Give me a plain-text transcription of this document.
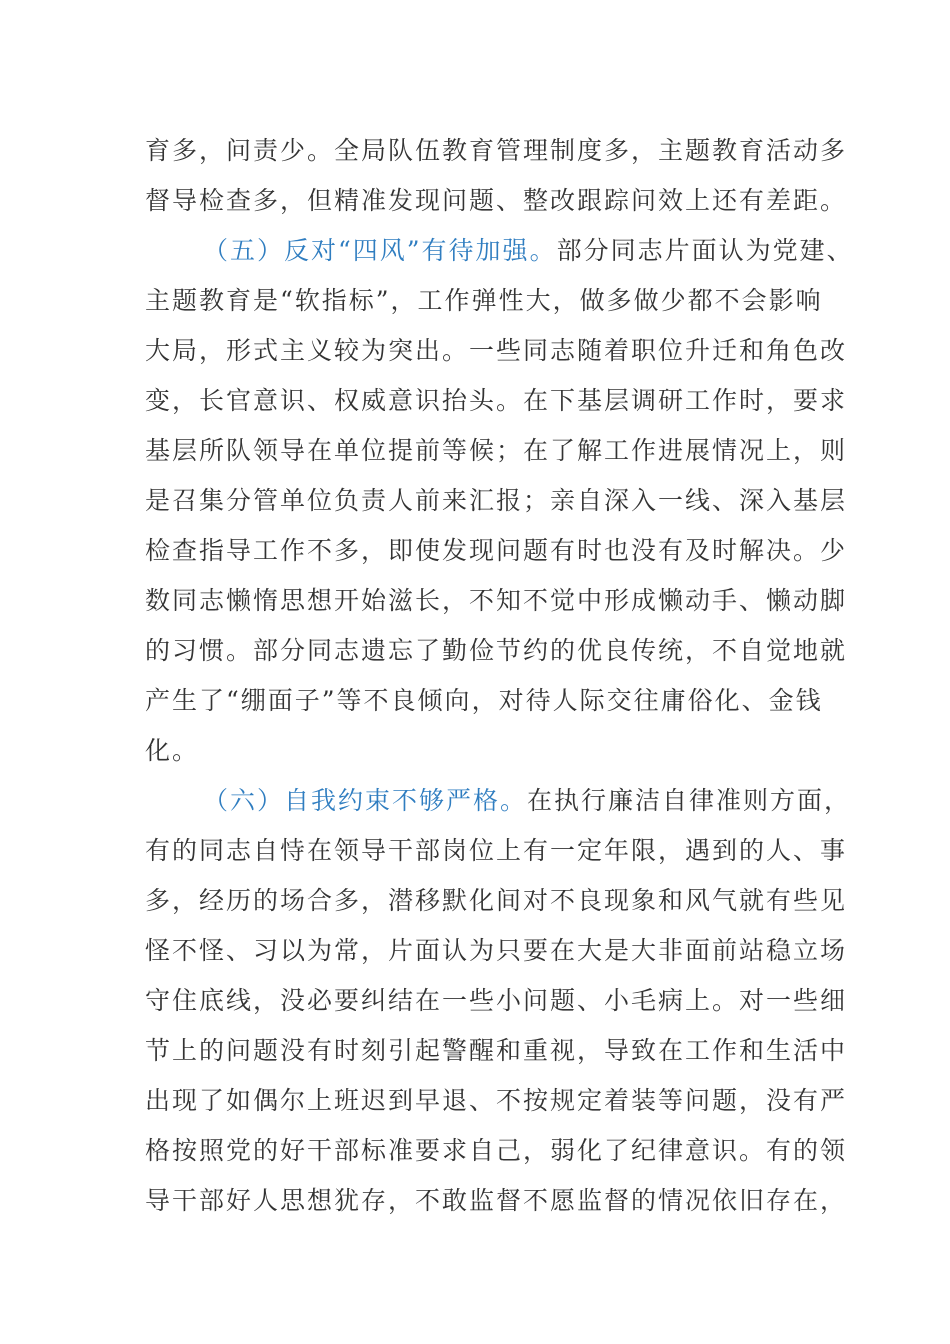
育多，问责少。全局队伍教育管理制度多，主题教育活动多
督导检查多，但精准发现问题、整改跟踪问效上还有差距。
（五）反对“四风”有待加强。部分同志片面认为党建、
主题教育是“软指标”，工作弹性大，做多做少都不会影响
大局，形式主义较为突出。一些同志随着职位升迁和角色改
变，长官意识、权威意识抬头。在下基层调研工作时，要求
基层所队领导在单位提前等候；在了解工作进展情况上，则
是召集分管单位负责人前来汇报；亲自深入一线、深入基层
检查指导工作不多，即使发现问题有时也没有及时解决。少
数同志懒惰思想开始滋长，不知不觉中形成懒动手、懒动脚
的习惯。部分同志遗忘了勤俭节约的优良传统，不自觉地就
产生了“绷面子”等不良倾向，对待人际交往庸俗化、金钱
化。
（六）自我约束不够严格。在执行廉洁自律准则方面，
有的同志自恃在领导干部岗位上有一定年限，遇到的人、事
多，经历的场合多，潜移默化间对不良现象和风气就有些见
怪不怪、习以为常，片面认为只要在大是大非面前站稳立场
守住底线，没必要纠结在一些小问题、小毛病上。对一些细
节上的问题没有时刻引起警醒和重视，导致在工作和生活中
出现了如偶尔上班迟到早退、不按规定着装等问题，没有严
格按照党的好干部标准要求自己，弱化了纪律意识。有的领
导干部好人思想犹存，不敢监督不愿监督的情况依旧存在，
